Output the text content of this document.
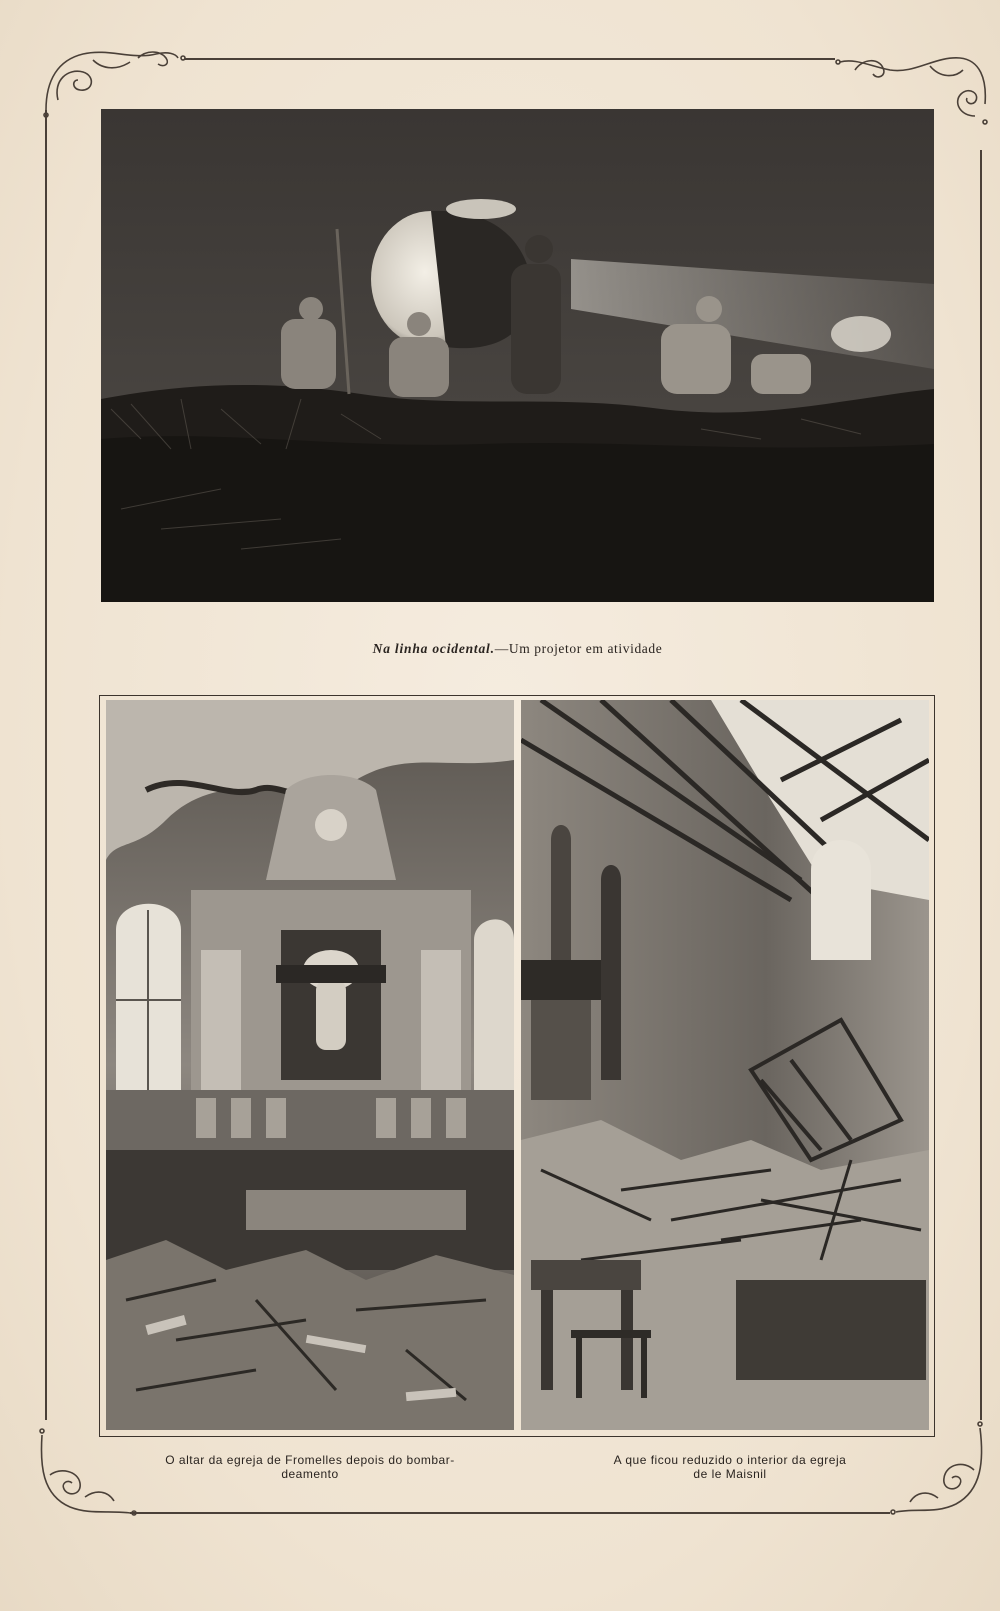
Na linha ocidental.—Um projetor em atividade
O altar da egreja de Fromelles depois do bombar-
deamento
A que ficou reduzido o interior da egreja
de le Maisnil
